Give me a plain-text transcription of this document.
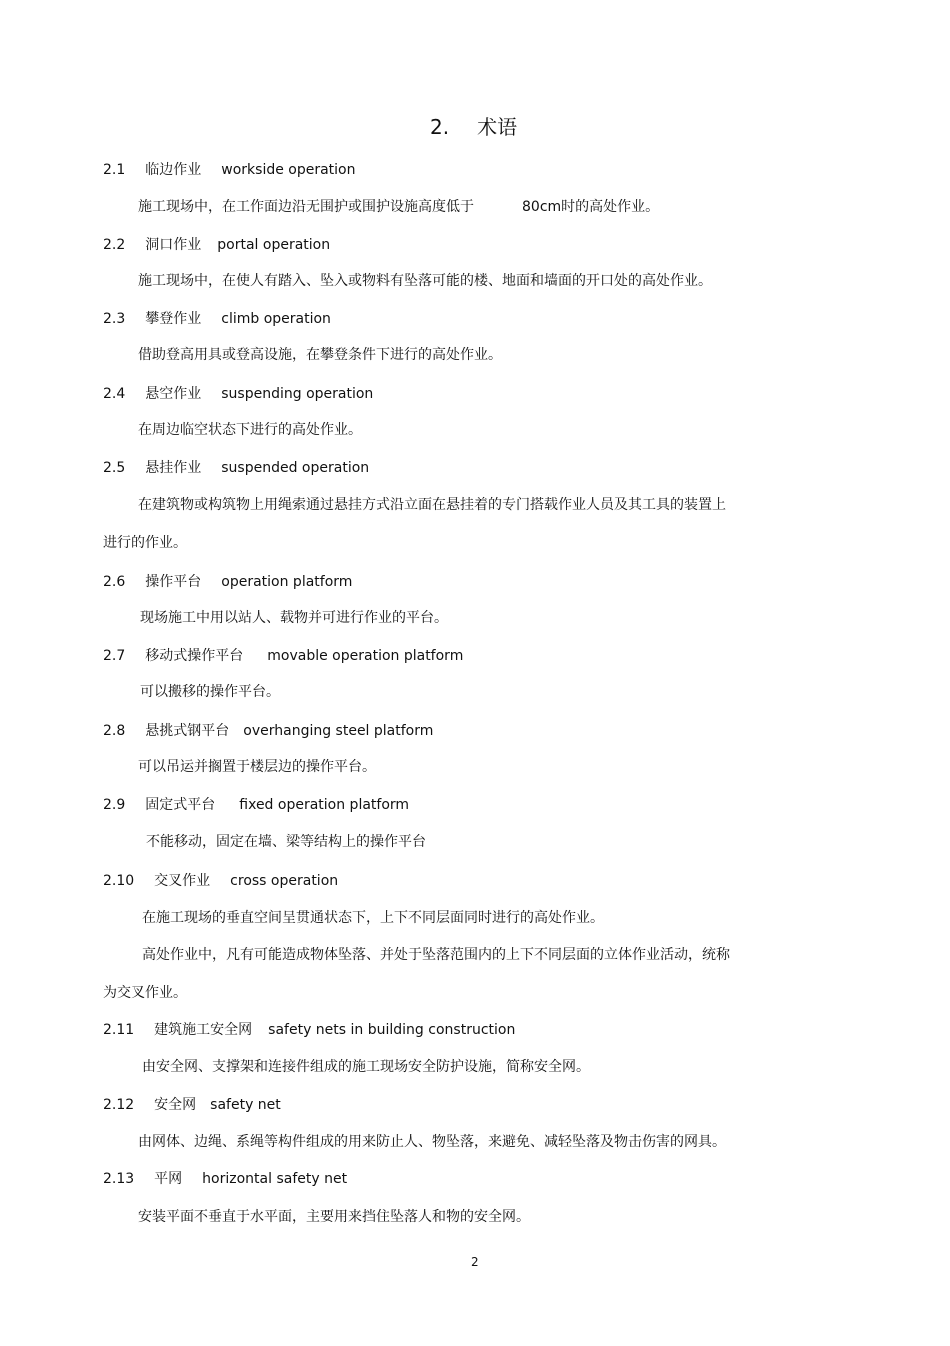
2. 术语
2.1 临边作业 workside operation
施工现场中，在工作面边沿无围护或围护设施高度低于	80cm时的高处作业。
2.2 洞口作业 portal operation
施工现场中，在使人有踏入、坠入或物料有坠落可能的楼、地面和墙面的开口处的高处作业。
2.3 攀登作业 climb operation
借助登高用具或登高设施，在攀登条件下进行的高处作业。
2.4 悬空作业 suspending operation
在周边临空状态下进行的高处作业。
2.5 悬挂作业 suspended operation
在建筑物或构筑物上用绳索通过悬挂方式沿立面在悬挂着的专门搭载作业人员及其工具的装置上
进行的作业。
2.6 操作平台 operation platform
现场施工中用以站人、载物并可进行作业的平台。
2.7 移动式操作平台 movable operation platform
可以搬移的操作平台。
2.8 悬挑式钢平台 overhanging steel platform
可以吊运并搁置于楼层边的操作平台。
2.9 固定式平台 fixed operation platform
不能移动，固定在墙、梁等结构上的操作平台
2.10 交叉作业 cross operation
在施工现场的垂直空间呈贯通状态下，上下不同层面同时进行的高处作业。
高处作业中，凡有可能造成物体坠落、并处于坠落范围内的上下不同层面的立体作业活动，统称
为交叉作业。
2.11 建筑施工安全网 safety nets in building construction
由安全网、支撑架和连接件组成的施工现场安全防护设施，简称安全网。
2.12 安全网 safety net
由网体、边绳、系绳等构件组成的用来防止人、物坠落，来避免、减轻坠落及物击伤害的网具。
2.13 平网 horizontal safety net
安装平面不垂直于水平面，主要用来挡住坠落人和物的安全网。
2
